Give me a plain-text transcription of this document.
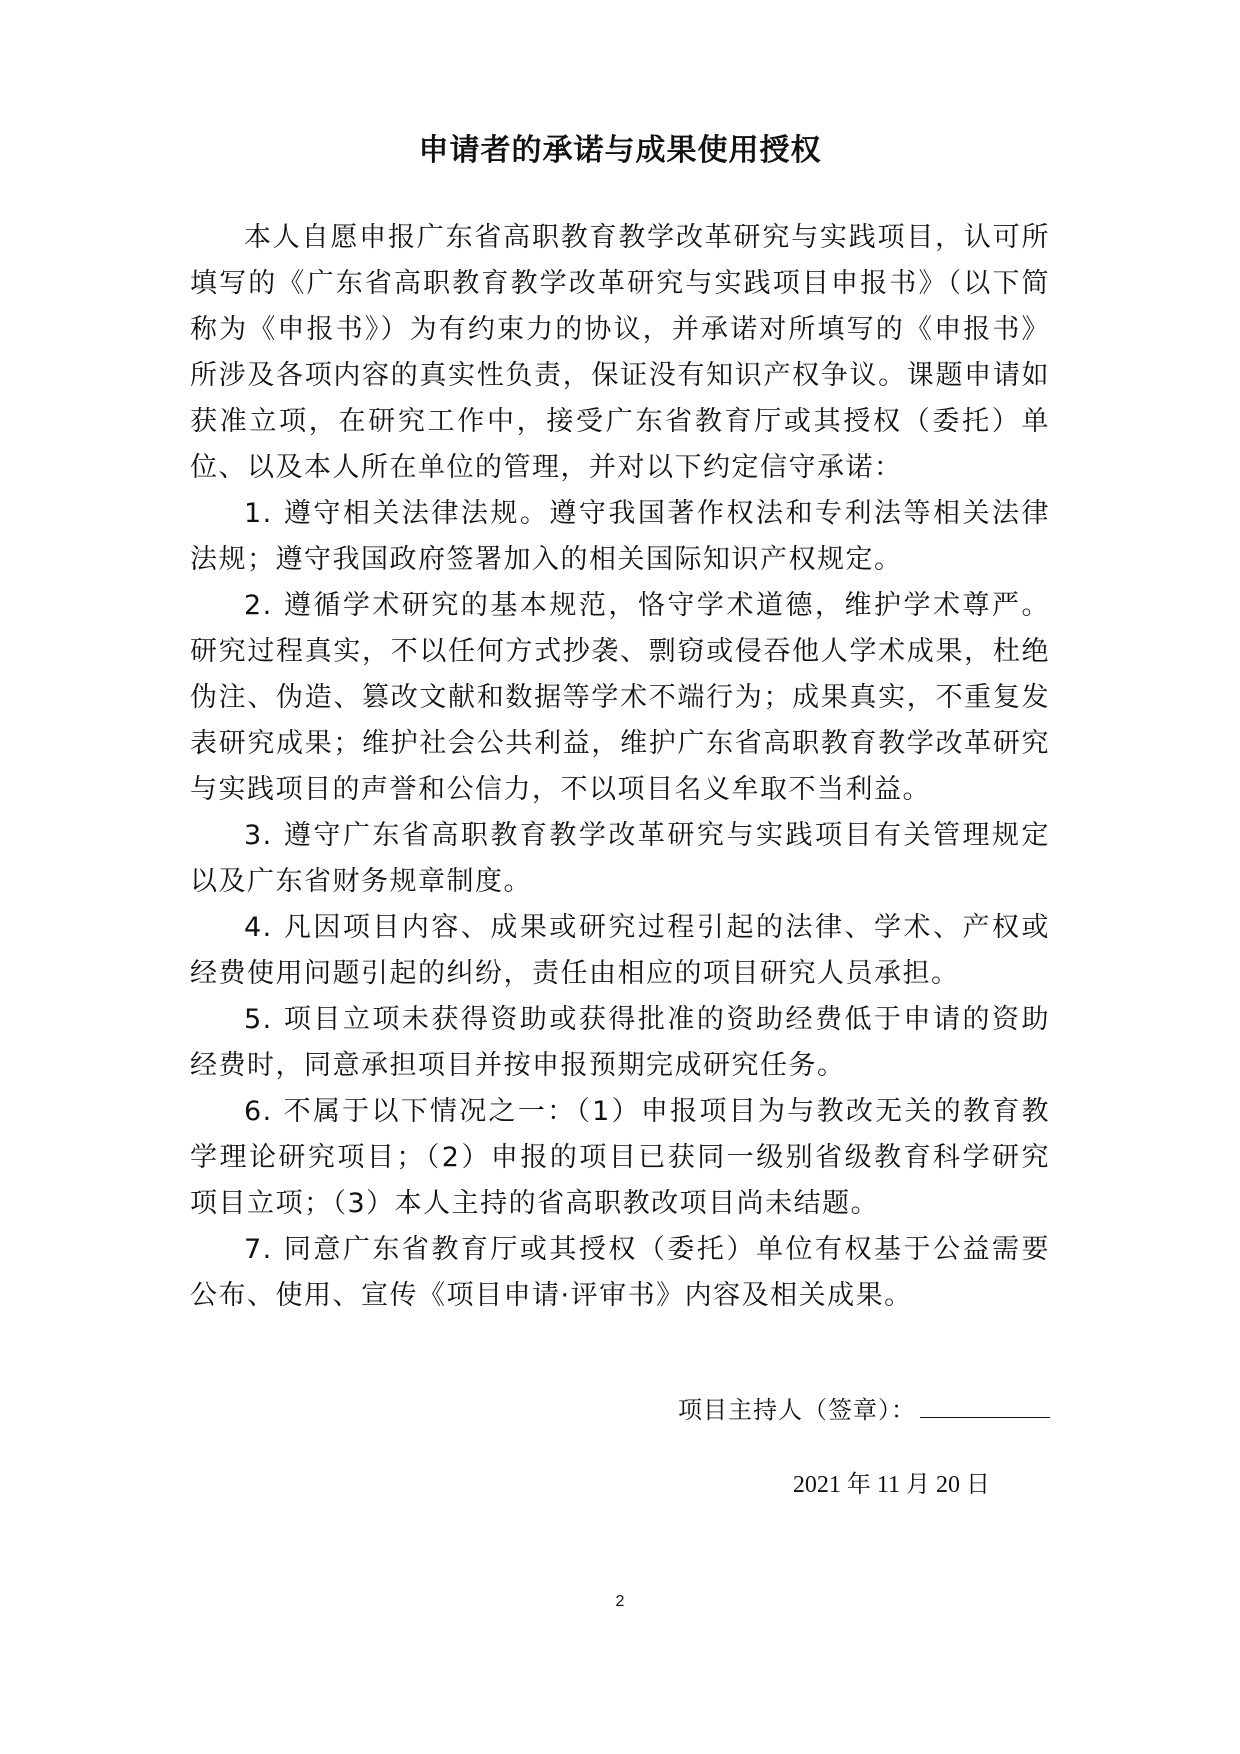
申请者的承诺与成果使用授权

本人自愿申报广东省高职教育教学改革研究与实践项目，认可所填写的《广东省高职教育教学改革研究与实践项目申报书》（以下简称为《申报书》）为有约束力的协议，并承诺对所填写的《申报书》所涉及各项内容的真实性负责，保证没有知识产权争议。课题申请如获准立项，在研究工作中，接受广东省教育厅或其授权（委托）单位、以及本人所在单位的管理，并对以下约定信守承诺：

1. 遵守相关法律法规。遵守我国著作权法和专利法等相关法律法规；遵守我国政府签署加入的相关国际知识产权规定。

2. 遵循学术研究的基本规范，恪守学术道德，维护学术尊严。研究过程真实，不以任何方式抄袭、剽窃或侵吞他人学术成果，杜绝伪注、伪造、篡改文献和数据等学术不端行为；成果真实，不重复发表研究成果；维护社会公共利益，维护广东省高职教育教学改革研究与实践项目的声誉和公信力，不以项目名义牟取不当利益。

3. 遵守广东省高职教育教学改革研究与实践项目有关管理规定以及广东省财务规章制度。

4. 凡因项目内容、成果或研究过程引起的法律、学术、产权或经费使用问题引起的纠纷，责任由相应的项目研究人员承担。

5. 项目立项未获得资助或获得批准的资助经费低于申请的资助经费时，同意承担项目并按申报预期完成研究任务。

6. 不属于以下情况之一：（1）申报项目为与教改无关的教育教学理论研究项目；（2）申报的项目已获同一级别省级教育科学研究项目立项；（3）本人主持的省高职教改项目尚未结题。

7. 同意广东省教育厅或其授权（委托）单位有权基于公益需要公布、使用、宣传《项目申请·评审书》内容及相关成果。

项目主持人（签章）：
2021 年 11 月 20 日
2
